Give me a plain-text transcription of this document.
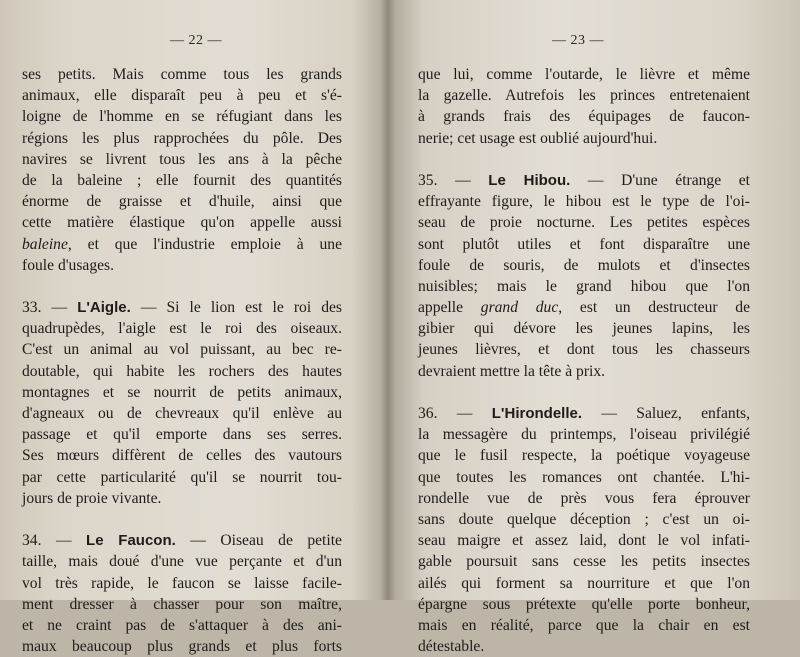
— 22 —
ses petits. Mais comme tous les grands
animaux, elle disparaît peu à peu et s'é-
loigne de l'homme en se réfugiant dans les
régions les plus rapprochées du pôle. Des
navires se livrent tous les ans à la pêche
de la baleine ; elle fournit des quantités
énorme de graisse et d'huile, ainsi que
cette matière élastique qu'on appelle aussi
baleine, et que l'industrie emploie à une
foule d'usages.
33. — L'Aigle. — Si le lion est le roi des
quadrupèdes, l'aigle est le roi des oiseaux.
C'est un animal au vol puissant, au bec re-
doutable, qui habite les rochers des hautes
montagnes et se nourrit de petits animaux,
d'agneaux ou de chevreaux qu'il enlève au
passage et qu'il emporte dans ses serres.
Ses mœurs diffèrent de celles des vautours
par cette particularité qu'il se nourrit tou-
jours de proie vivante.
34. — Le Faucon. — Oiseau de petite
taille, mais doué d'une vue perçante et d'un
vol très rapide, le faucon se laisse facile-
ment dresser à chasser pour son maître,
et ne craint pas de s'attaquer à des ani-
maux beaucoup plus grands et plus forts
— 23 —
que lui, comme l'outarde, le lièvre et même
la gazelle. Autrefois les princes entretenaient
à grands frais des équipages de faucon-
nerie; cet usage est oublié aujourd'hui.
35. — Le Hibou. — D'une étrange et
effrayante figure, le hibou est le type de l'oi-
seau de proie nocturne. Les petites espèces
sont plutôt utiles et font disparaître une
foule de souris, de mulots et d'insectes
nuisibles; mais le grand hibou que l'on
appelle grand duc, est un destructeur de
gibier qui dévore les jeunes lapins, les
jeunes lièvres, et dont tous les chasseurs
devraient mettre la tête à prix.
36. — L'Hirondelle. — Saluez, enfants,
la messagère du printemps, l'oiseau privilégié
que le fusil respecte, la poétique voyageuse
que toutes les romances ont chantée. L'hi-
rondelle vue de près vous fera éprouver
sans doute quelque déception ; c'est un oi-
seau maigre et assez laid, dont le vol infati-
gable poursuit sans cesse les petits insectes
ailés qui forment sa nourriture et que l'on
épargne sous prétexte qu'elle porte bonheur,
mais en réalité, parce que la chair en est
détestable.
